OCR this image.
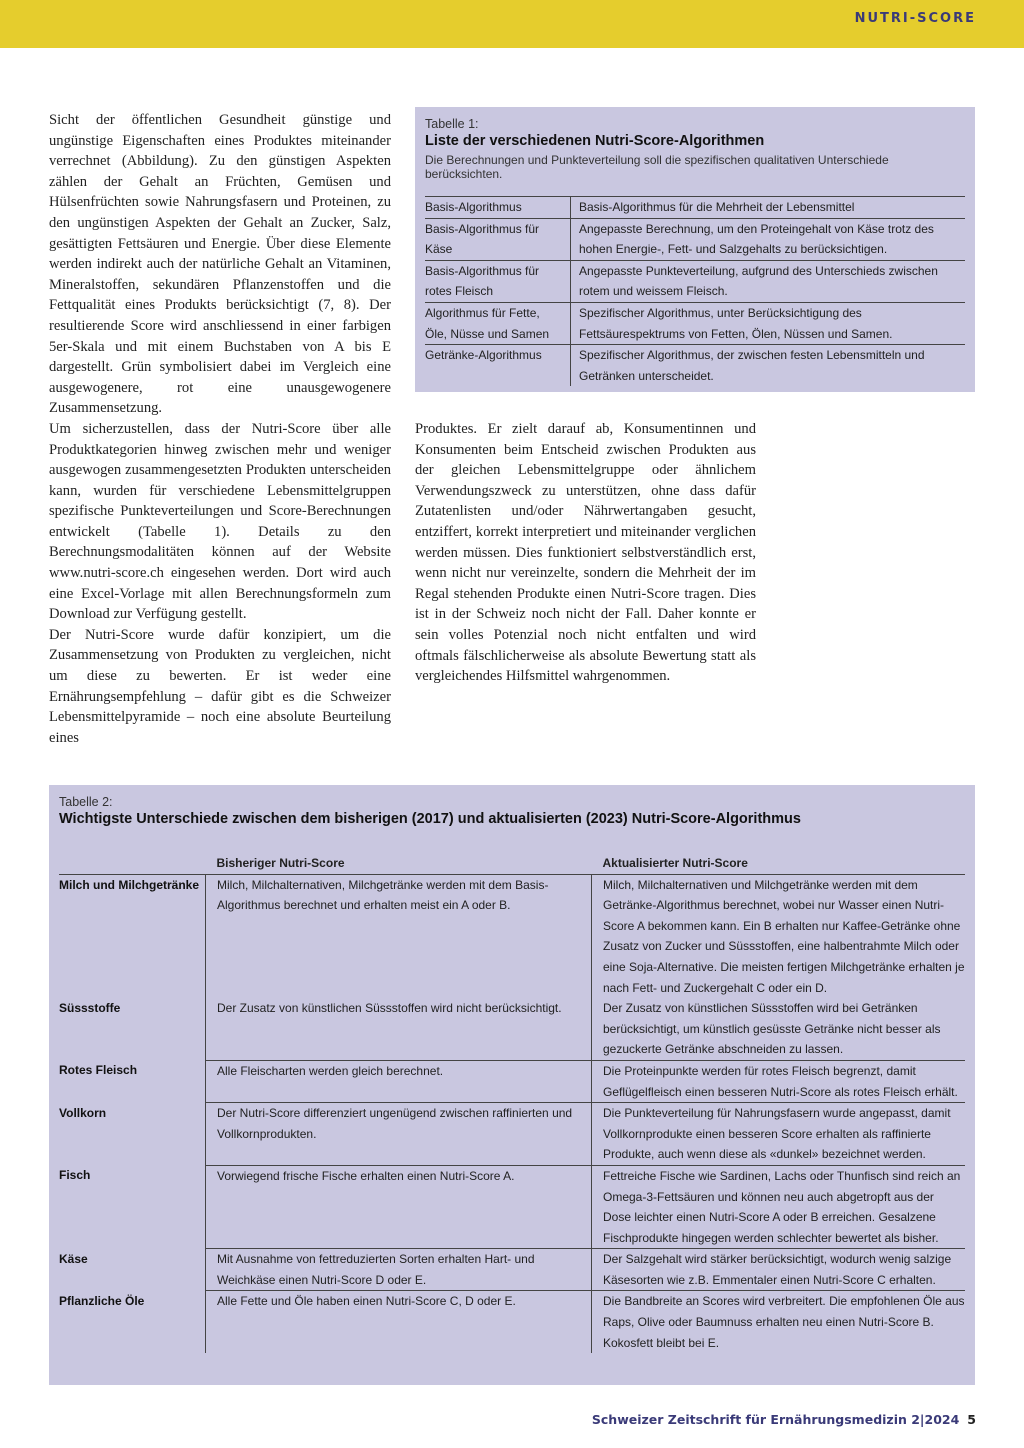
NUTRI-SCORE

Sicht der öffentlichen Gesundheit günstige und ungünstige Eigenschaften eines Produktes miteinander verrechnet (Abbildung). Zu den günstigen Aspekten zählen der Gehalt an Früchten, Gemüsen und Hülsenfrüchten sowie Nahrungsfasern und Proteinen, zu den ungünstigen Aspekten der Gehalt an Zucker, Salz, gesättigten Fettsäuren und Energie. Über diese Elemente werden indirekt auch der natürliche Gehalt an Vitaminen, Mineralstoffen, sekundären Pflanzenstoffen und die Fettqualität eines Produkts berücksichtigt (7, 8). Der resultierende Score wird anschliessend in einer farbigen 5er-Skala und mit einem Buchstaben von A bis E dargestellt. Grün symbolisiert dabei im Vergleich eine ausgewogenere, rot eine unausgewogenere Zusammensetzung.

Um sicherzustellen, dass der Nutri-Score über alle Produktkategorien hinweg zwischen mehr und weniger ausgewogen zusammengesetzten Produkten unterscheiden kann, wurden für verschiedene Lebensmittelgruppen spezifische Punkteverteilungen und Score-Berechnungen entwickelt (Tabelle 1). Details zu den Berechnungsmodalitäten können auf der Website www.nutri-score.ch eingesehen werden. Dort wird auch eine Excel-Vorlage mit allen Berechnungsformeln zum Download zur Verfügung gestellt.

Der Nutri-Score wurde dafür konzipiert, um die Zusammensetzung von Produkten zu vergleichen, nicht um diese zu bewerten. Er ist weder eine Ernährungsempfehlung – dafür gibt es die Schweizer Lebensmittelpyramide – noch eine absolute Beurteilung eines

Tabelle 1:
Liste der verschiedenen Nutri-Score-Algorithmen
Die Berechnungen und Punkteverteilung soll die spezifischen qualitativen Unterschiede berücksichten.
Basis-Algorithmus	Basis-Algorithmus für die Mehrheit der Lebensmittel
Basis-Algorithmus für Käse	Angepasste Berechnung, um den Proteingehalt von Käse trotz des hohen Energie-, Fett- und Salzgehalts zu berücksichtigen.
Basis-Algorithmus für rotes Fleisch	Angepasste Punkteverteilung, aufgrund des Unterschieds zwischen rotem und weissem Fleisch.
Algorithmus für Fette, Öle, Nüsse und Samen	Spezifischer Algorithmus, unter Berücksichtigung des Fettsäurespektrums von Fetten, Ölen, Nüssen und Samen.
Getränke-Algorithmus	Spezifischer Algorithmus, der zwischen festen Lebensmitteln und Getränken unterscheidet.

Produktes. Er zielt darauf ab, Konsumentinnen und Konsumenten beim Entscheid zwischen Produkten aus der gleichen Lebensmittelgruppe oder ähnlichem Verwendungszweck zu unterstützen, ohne dass dafür Zutatenlisten und/oder Nährwertangaben gesucht, entziffert, korrekt interpretiert und miteinander verglichen werden müssen. Dies funktioniert selbstverständlich erst, wenn nicht nur vereinzelte, sondern die Mehrheit der im Regal stehenden Produkte einen Nutri-Score tragen. Dies ist in der Schweiz noch nicht der Fall. Daher konnte er sein volles Potenzial noch nicht entfalten und wird oftmals fälschlicherweise als absolute Bewertung statt als vergleichendes Hilfsmittel wahrgenommen.

Tabelle 2:
Wichtigste Unterschiede zwischen dem bisherigen (2017) und aktualisierten (2023) Nutri-Score-Algorithmus
	Bisheriger Nutri-Score	Aktualisierter Nutri-Score
Milch und Milchgetränke	Milch, Milchalternativen, Milchgetränke werden mit dem Basis-Algorithmus berechnet und erhalten meist ein A oder B.	Milch, Milchalternativen und Milchgetränke werden mit dem Getränke-Algorithmus berechnet, wobei nur Wasser einen Nutri-Score A bekommen kann. Ein B erhalten nur Kaffee-Getränke ohne Zusatz von Zucker und Süssstoffen, eine halbentrahmte Milch oder eine Soja-Alternative. Die meisten fertigen Milchgetränke erhalten je nach Fett- und Zuckergehalt C oder ein D.
Süssstoffe	Der Zusatz von künstlichen Süssstoffen wird nicht berücksichtigt.	Der Zusatz von künstlichen Süssstoffen wird bei Getränken berücksichtigt, um künstlich gesüsste Getränke nicht besser als gezuckerte Getränke abschneiden zu lassen.
Rotes Fleisch	Alle Fleischarten werden gleich berechnet.	Die Proteinpunkte werden für rotes Fleisch begrenzt, damit Geflügelfleisch einen besseren Nutri-Score als rotes Fleisch erhält.
Vollkorn	Der Nutri-Score differenziert ungenügend zwischen raffinierten und Vollkornprodukten.	Die Punkteverteilung für Nahrungsfasern wurde angepasst, damit Vollkornprodukte einen besseren Score erhalten als raffinierte Produkte, auch wenn diese als «dunkel» bezeichnet werden.
Fisch	Vorwiegend frische Fische erhalten einen Nutri-Score A.	Fettreiche Fische wie Sardinen, Lachs oder Thunfisch sind reich an Omega-3-Fettsäuren und können neu auch abgetropft aus der Dose leichter einen Nutri-Score A oder B erreichen. Gesalzene Fischprodukte hingegen werden schlechter bewertet als bisher.
Käse	Mit Ausnahme von fettreduzierten Sorten erhalten Hart- und Weichkäse einen Nutri-Score D oder E.	Der Salzgehalt wird stärker berücksichtigt, wodurch wenig salzige Käsesorten wie z.B. Emmentaler einen Nutri-Score C erhalten.
Pflanzliche Öle	Alle Fette und Öle haben einen Nutri-Score C, D oder E.	Die Bandbreite an Scores wird verbreitert. Die empfohlenen Öle aus Raps, Olive oder Baumnuss erhalten neu einen Nutri-Score B. Kokosfett bleibt bei E.
Schweizer Zeitschrift für Ernährungsmedizin 2|2024 5
